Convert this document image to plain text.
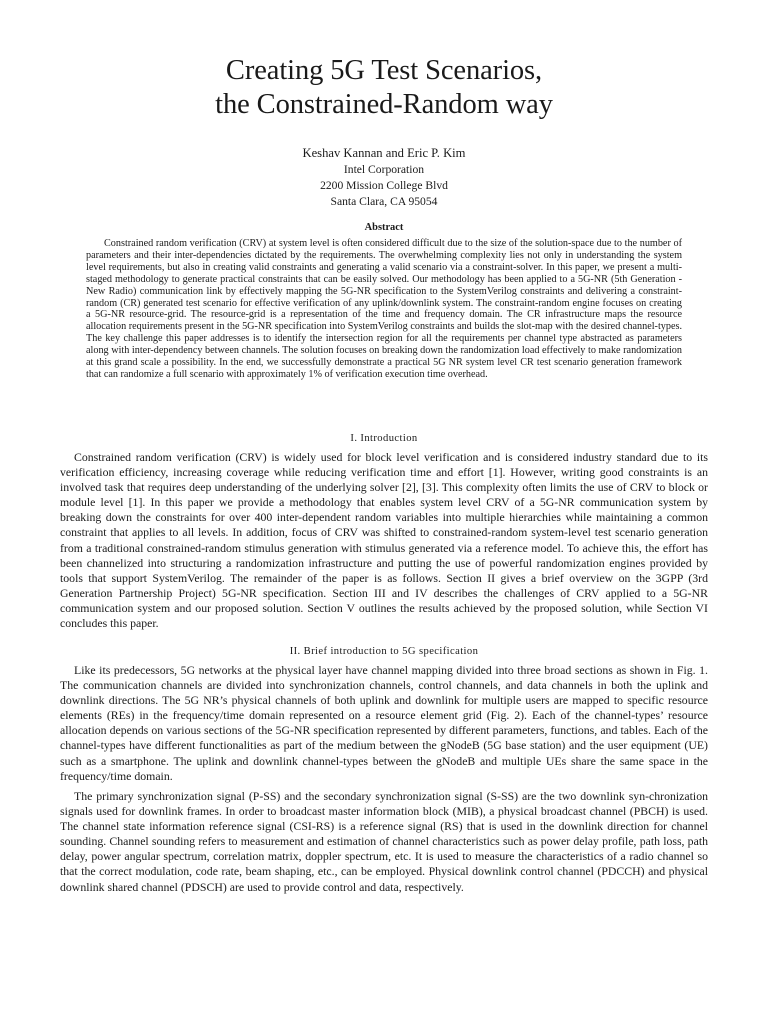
Creating 5G Test Scenarios,
the Constrained-Random way
Keshav Kannan and Eric P. Kim
Intel Corporation
2200 Mission College Blvd
Santa Clara, CA 95054
Abstract

Constrained random verification (CRV) at system level is often considered difficult due to the size of the solution-space due to the number of parameters and their inter-dependencies dictated by the requirements. The overwhelming complexity lies not only in understanding the system level requirements, but also in creating valid constraints and generating a valid scenario via a constraint-solver. In this paper, we present a multi-staged methodology to generate practical constraints that can be easily solved. Our methodology has been applied to a 5G-NR (5th Generation - New Radio) communication link by effectively mapping the 5G-NR specification to the SystemVerilog constraints and delivering a constraint-random (CR) generated test scenario for effective verification of any uplink/downlink system. The constraint-random engine focuses on creating a 5G-NR resource-grid. The resource-grid is a representation of the time and frequency domain. The CR infrastructure maps the resource allocation requirements present in the 5G-NR specification into SystemVerilog constraints and builds the slot-map with the desired channel-types. The key challenge this paper addresses is to identify the intersection region for all the requirements per channel type abstracted as parameters along with inter-dependency between channels. The solution focuses on breaking down the randomization load effectively to make randomization at this grand scale a possibility. In the end, we successfully demonstrate a practical 5G NR system level CR test scenario generation framework that can randomize a full scenario with approximately 1% of verification execution time overhead.

I. Introduction

Constrained random verification (CRV) is widely used for block level verification and is considered industry standard due to its verification efficiency, increasing coverage while reducing verification time and effort [1]. However, writing good constraints is an involved task that requires deep understanding of the underlying solver [2], [3]. This complexity often limits the use of CRV to block or module level [1]. In this paper we provide a methodology that enables system level CRV of a 5G-NR communication system by breaking down the constraints for over 400 inter-dependent random variables into multiple hierarchies while maintaining a common constraint that applies to all levels. In addition, focus of CRV was shifted to constrained-random system-level test scenario generation from a traditional constrained-random stimulus generation with stimulus generated via a reference model. To achieve this, the effort has been channelized into structuring a randomization infrastructure and putting the use of powerful randomization engines provided by tools that support SystemVerilog. The remainder of the paper is as follows. Section II gives a brief overview on the 3GPP (3rd Generation Partnership Project) 5G-NR specification. Section III and IV describes the challenges of CRV applied to a 5G-NR communication system and our proposed solution. Section V outlines the results achieved by the proposed solution, while Section VI concludes this paper.

II. Brief introduction to 5G specification

Like its predecessors, 5G networks at the physical layer have channel mapping divided into three broad sections as shown in Fig. 1. The communication channels are divided into synchronization channels, control channels, and data channels in both the uplink and downlink directions. The 5G NR’s physical channels of both uplink and downlink for multiple users are mapped to specific resource elements (REs) in the frequency/time domain represented on a resource element grid (Fig. 2). Each of the channel-types’ resource allocation depends on various sections of the 5G-NR specification represented by different parameters, functions, and tables. Each of the channel-types have different functionalities as part of the medium between the gNodeB (5G base station) and the user equipment (UE) such as a smartphone. The uplink and downlink channel-types between the gNodeB and multiple UEs share the same space in the frequency/time domain.

The primary synchronization signal (P-SS) and the secondary synchronization signal (S-SS) are the two downlink syn-chronization signals used for downlink frames. In order to broadcast master information block (MIB), a physical broadcast channel (PBCH) is used. The channel state information reference signal (CSI-RS) is a reference signal (RS) that is used in the downlink direction for channel sounding. Channel sounding refers to measurement and estimation of channel characteristics such as power delay profile, path loss, path delay, power angular spectrum, correlation matrix, doppler spectrum, etc. It is used to measure the characteristics of a radio channel so that the correct modulation, code rate, beam shaping, etc., can be employed. Physical downlink control channel (PDCCH) and physical downlink shared channel (PDSCH) are used to provide control and data, respectively.
